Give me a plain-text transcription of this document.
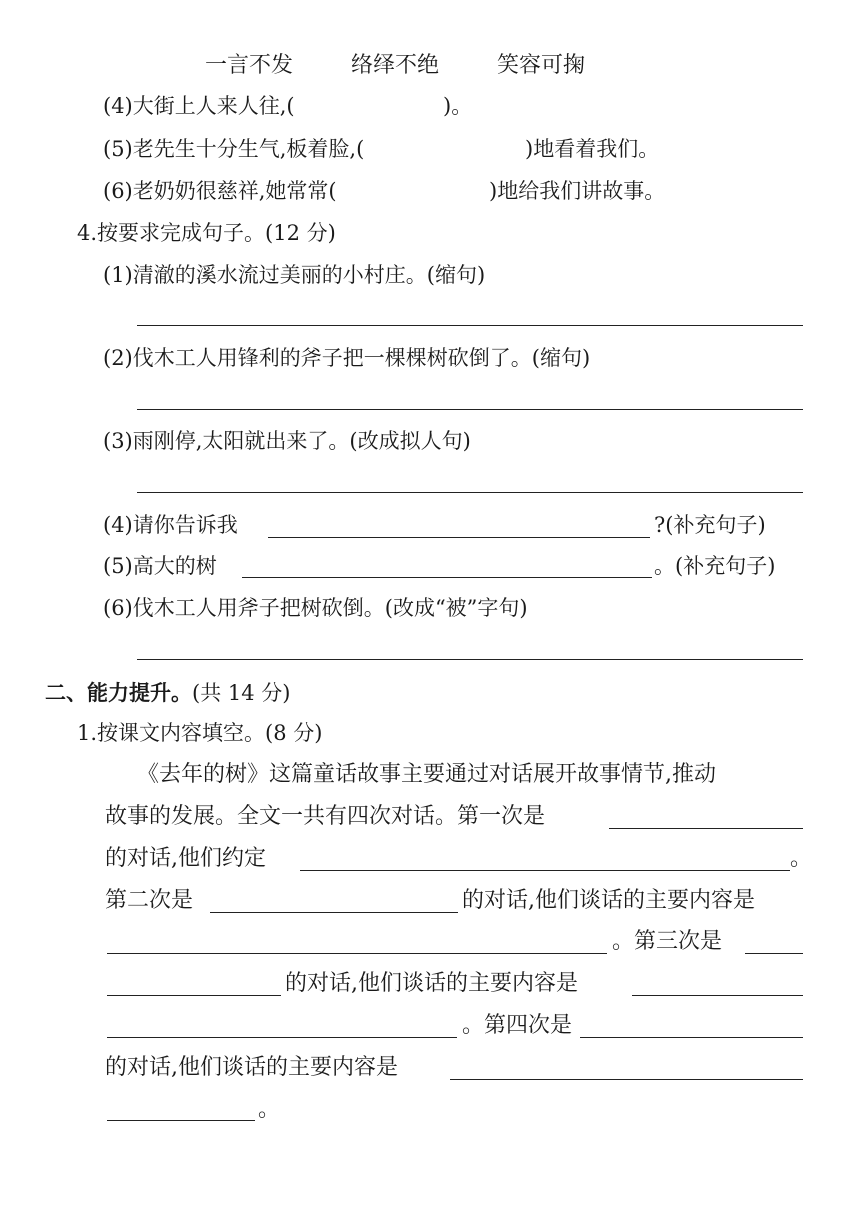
一言不发	络绎不绝	笑容可掬
(4)大街上人来人往,(	)。
(5)老先生十分生气,板着脸,(	)地看着我们。
(6)老奶奶很慈祥,她常常(	)地给我们讲故事。
4.按要求完成句子。(12 分)
(1)清澈的溪水流过美丽的小村庄。(缩句)
(2)伐木工人用锋利的斧子把一棵棵树砍倒了。(缩句)
(3)雨刚停,太阳就出来了。(改成拟人句)
(4)请你告诉我	?(补充句子)
(5)高大的树	。(补充句子)
(6)伐木工人用斧子把树砍倒。(改成“被”字句)
二、能力提升。(共 14 分)
1.按课文内容填空。(8 分)
《去年的树》这篇童话故事主要通过对话展开故事情节,推动
故事的发展。全文一共有四次对话。第一次是
的对话,他们约定	。
第二次是	的对话,他们谈话的主要内容是
。第三次是
的对话,他们谈话的主要内容是
。第四次是
的对话,他们谈话的主要内容是
。
